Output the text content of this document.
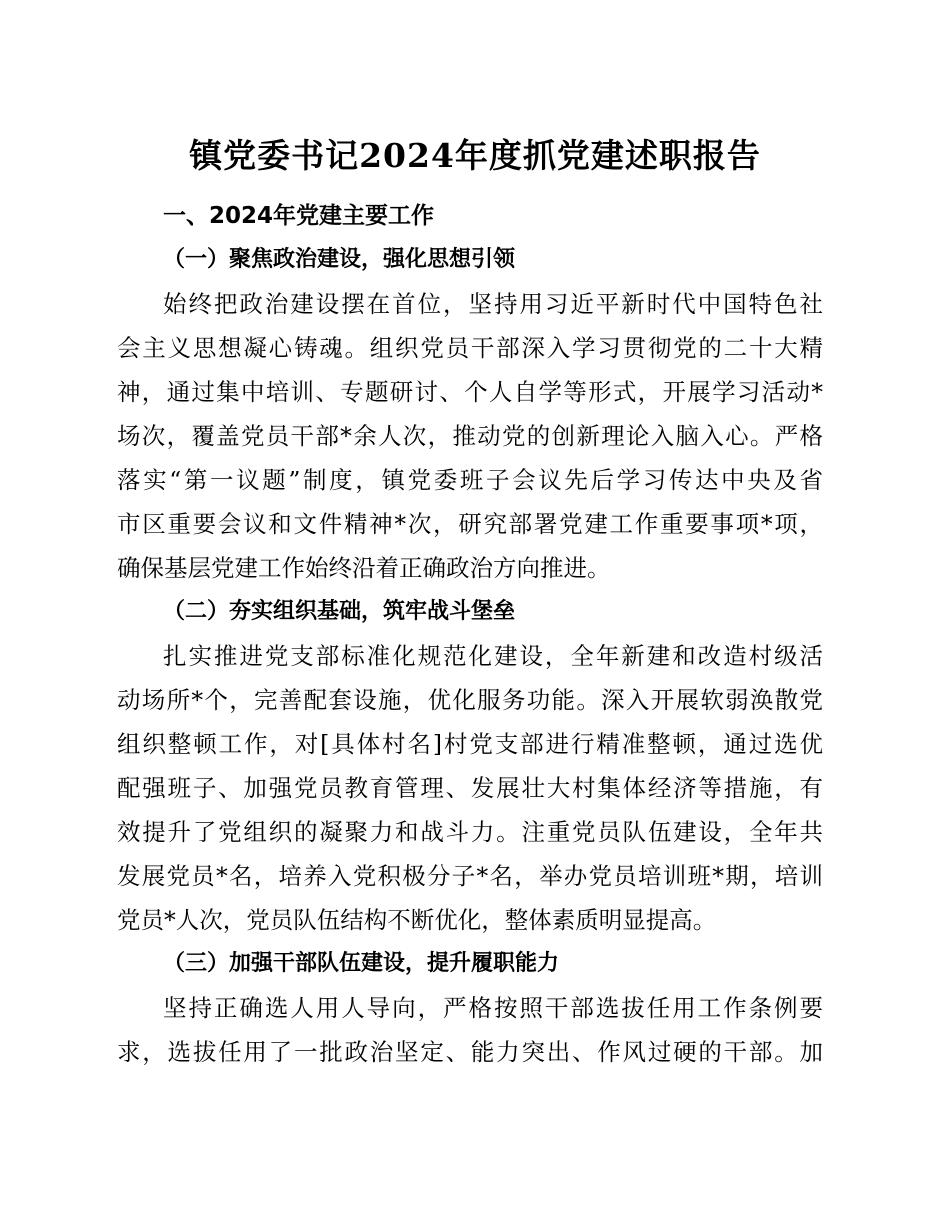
镇党委书记2024年度抓党建述职报告
一、2024年党建主要工作
（一）聚焦政治建设，强化思想引领

始终把政治建设摆在首位，坚持用习近平新时代中国特色社

会主义思想凝心铸魂。组织党员干部深入学习贯彻党的二十大精

神，通过集中培训、专题研讨、个人自学等形式，开展学习活动*

场次，覆盖党员干部*余人次，推动党的创新理论入脑入心。严格

落实“第一议题”制度，镇党委班子会议先后学习传达中央及省

市区重要会议和文件精神*次，研究部署党建工作重要事项*项，

确保基层党建工作始终沿着正确政治方向推进。

（二）夯实组织基础，筑牢战斗堡垒

扎实推进党支部标准化规范化建设，全年新建和改造村级活

动场所*个，完善配套设施，优化服务功能。深入开展软弱涣散党

组织整顿工作，对[具体村名]村党支部进行精准整顿，通过选优

配强班子、加强党员教育管理、发展壮大村集体经济等措施，有

效提升了党组织的凝聚力和战斗力。注重党员队伍建设，全年共

发展党员*名，培养入党积极分子*名，举办党员培训班*期，培训

党员*人次，党员队伍结构不断优化，整体素质明显提高。

（三）加强干部队伍建设，提升履职能力

坚持正确选人用人导向，严格按照干部选拔任用工作条例要

求，选拔任用了一批政治坚定、能力突出、作风过硬的干部。加
